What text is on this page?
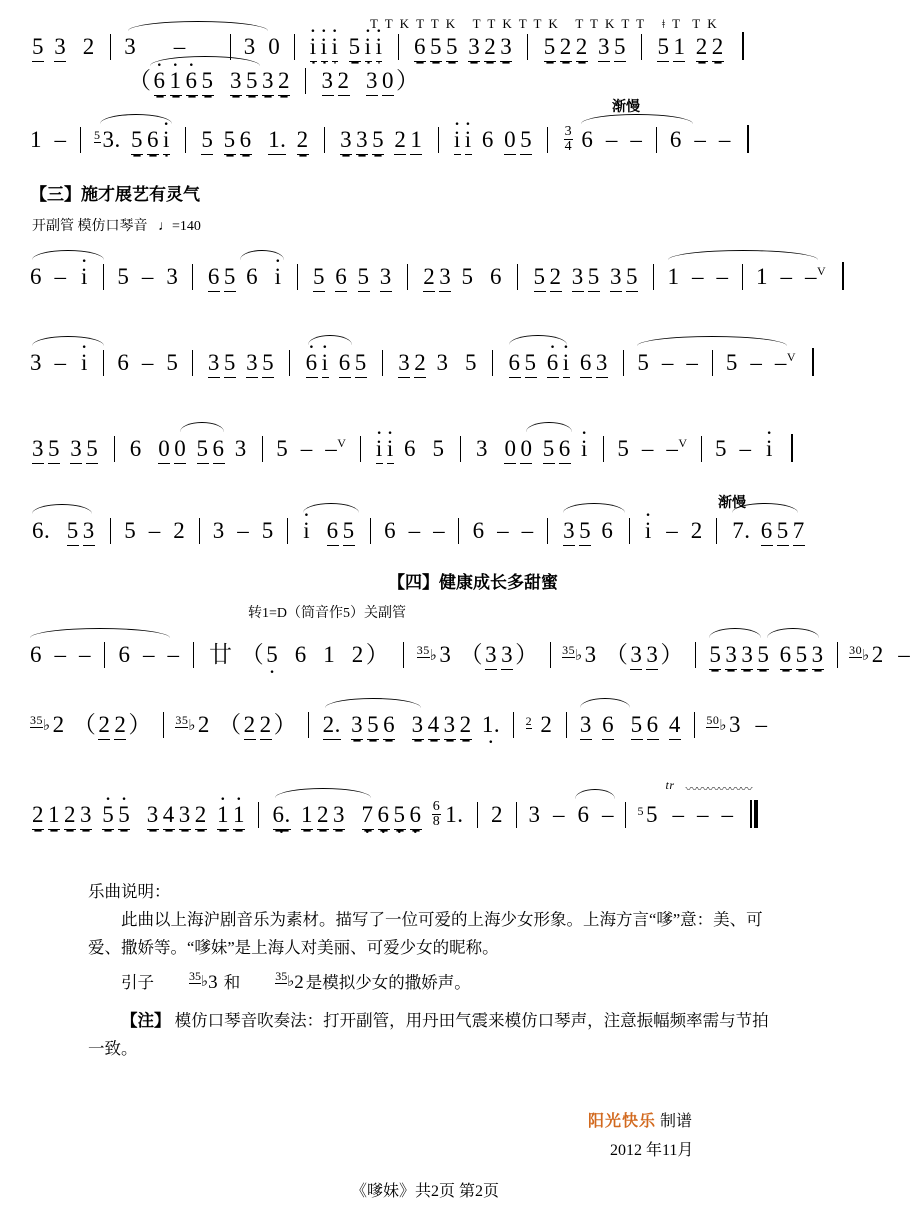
T T K T T K   T T K T T K   T T K T T   ǂ T  T K
5 3 2
3      –      3  0  · i · i · i 5 · i · i 6 5 5 3 2 3 5 2 2 3 5 5 1 2 2
（· 6 · 1 · 6 5 3 5 3 2 3 2 3 0）
渐慢
1  –
$^5$3. 5 6 · i 5 5 6 1. 2 3 3 5 2 1 · i · i 6 0 $5 \frac{3}{4}$
6  –  –  6  –  –
【三】施才展艺有灵气
开副管 模仿口琴音 ♩=140
6  –  · i  5  –  3
6 5 6 · i 5 6 5 3 2 3 5 6 5 2 3 5 3 5
1  –  –  1  –  –$^V$
3  –  · i  6  –  5  3 5 3 5 · 6 · i 6 5 3 2 3 5 6 5 · 6 · i 6 3
5  –  –  5  –  –$^V$
3 5 3 5 6 0 0 5 6 3  5  –  –$^V$ · i · i 6 5 3 0 0 5 6 · i  5  –  –$^V$  5  –  · i
渐慢
6. 5 3  5  –  2  3  –  5
· i 6 5  6  –  –  6  –  –
3 5 6 · i  –  2
7. 6 5 7
【四】健康成长多甜蜜
转1=D（筒音作5）关副管
6  –  –  6  –  –  廿 （5 · 6 1 2）  $^{35}$♭3 （3 3）  $^{35}$♭3 （3 3）
5 3 3 5 6 5 3 $^{30}$♭2  –
$^{35}$♭2 （2 2）  $^{35}$♭2 （2 2）
2. 3 5 6 3 4 3 2 1. · $^2$ 2 3 6 5 6 4 $^{50}$♭3  –
2 1 2 3 · 5 · 5 3 4 3 2 · 1 · 1 6. · 1 2 3 $7 \cdot 6 \cdot 5 \cdot 6 \cdot \frac{6}{8} 1$. 2
3  –  6  –
tr 〰〰〰〰〰〰
$^5$5  –  –  –

乐曲说明：

此曲以上海沪剧音乐为素材。描写了一位可爱的上海少女形象。上海方言“嗲”意：美、可爱、撒娇等。“嗲妹”是上海人对美丽、可爱少女的昵称。

引子	$^{35}$♭3 和	$^{35}$♭2 是模拟少女的撒娇声。

【注】 模仿口琴音吹奏法：打开副管，用丹田气震来模仿口琴声，注意振幅频率需与节拍一致。

阳光快乐 制谱
2012 年11月
《嗲妹》共2页 第2页
